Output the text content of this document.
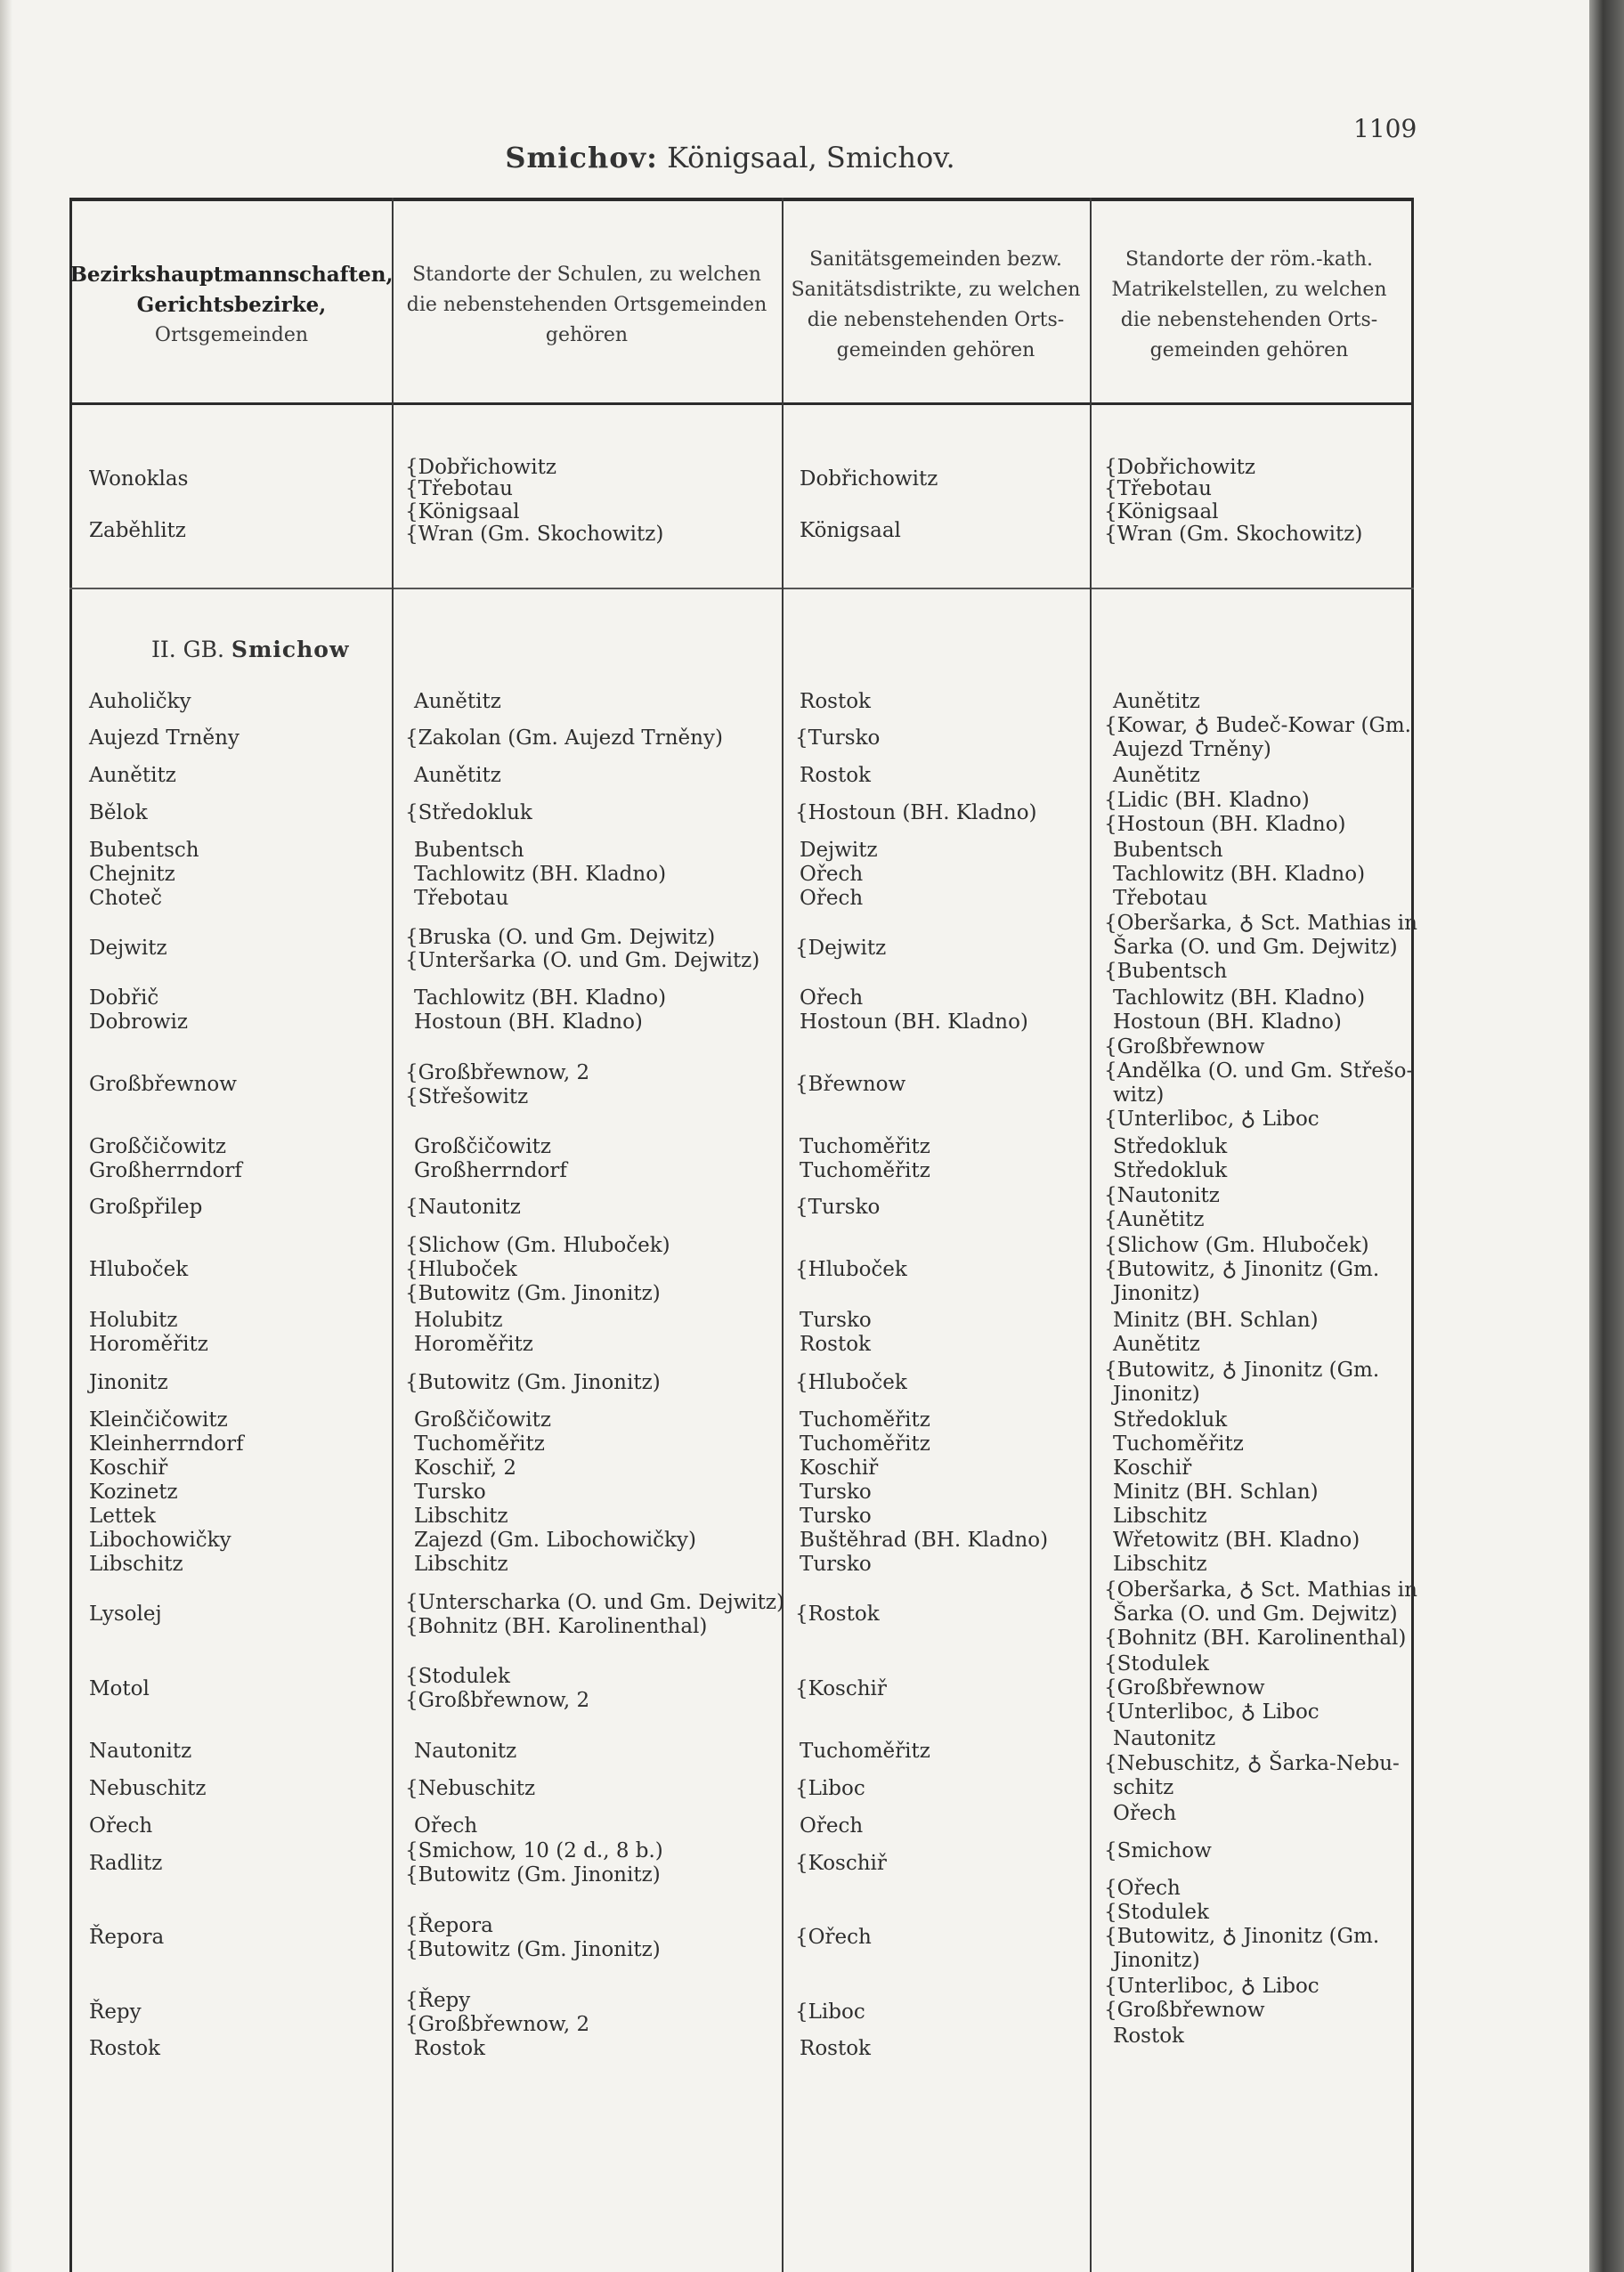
1109
Smichov: Königsaal, Smichov.
Bezirkshauptmannschaften,
Gerichtsbezirke,
Ortsgemeinden
Standorte der Schulen, zu welchen
die nebenstehenden Ortsgemeinden
gehören
Sanitätsgemeinden bezw.
Sanitätsdistrikte, zu welchen
die nebenstehenden Orts-
gemeinden gehören
Standorte der röm.-kath.
Matrikelstellen, zu welchen
die nebenstehenden Orts-
gemeinden gehören
II. GB. Smichow
Wonoklas
Zaběhlitz
{Dobřichowitz
{Třebotau
{Königsaal
{Wran (Gm. Skochowitz)
Dobřichowitz
Königsaal
{Dobřichowitz
{Třebotau
{Königsaal
{Wran (Gm. Skochowitz)
Auholičky
Aujezd Trněny
Aunětitz
Bělok
Bubentsch
Chejnitz
Choteč
Dejwitz
Dobřič
Dobrowiz
Großbřewnow
Großčičowitz
Großherrndorf
Großpřilep
Hluboček
Holubitz
Horoměřitz
Jinonitz
Kleinčičowitz
Kleinherrndorf
Koschiř
Kozinetz
Lettek
Libochowičky
Libschitz
Lysolej
Motol
Nautonitz
Nebuschitz
Ořech
Radlitz
Řepora
Řepy
Rostok
Aunětitz
{Zakolan (Gm. Aujezd Trněny)
Aunětitz
{Středokluk
Bubentsch
Tachlowitz (BH. Kladno)
Třebotau
{Bruska (O. und Gm. Dejwitz)
{Unteršarka (O. und Gm. Dejwitz)
Tachlowitz (BH. Kladno)
Hostoun (BH. Kladno)
{Großbřewnow, 2
{Střešowitz
Großčičowitz
Großherrndorf
{Nautonitz
{Slichow (Gm. Hluboček)
{Hluboček
{Butowitz (Gm. Jinonitz)
Holubitz
Horoměřitz
{Butowitz (Gm. Jinonitz)
Großčičowitz
Tuchoměřitz
Koschiř, 2
Tursko
Libschitz
Zajezd (Gm. Libochowičky)
Libschitz
{Unterscharka (O. und Gm. Dejwitz)
{Bohnitz (BH. Karolinenthal)
{Stodulek
{Großbřewnow, 2
Nautonitz
{Nebuschitz
Ořech
{Smichow, 10 (2 d., 8 b.)
{Butowitz (Gm. Jinonitz)
{Řepora
{Butowitz (Gm. Jinonitz)
{Řepy
{Großbřewnow, 2
Rostok
Rostok
{Tursko
Rostok
{Hostoun (BH. Kladno)
Dejwitz
Ořech
Ořech
{Dejwitz
Ořech
Hostoun (BH. Kladno)
{Břewnow
Tuchoměřitz
Tuchoměřitz
{Tursko
{Hluboček
Tursko
Rostok
{Hluboček
Tuchoměřitz
Tuchoměřitz
Koschiř
Tursko
Tursko
Buštěhrad (BH. Kladno)
Tursko
{Rostok
{Koschiř
Tuchoměřitz
{Liboc
Ořech
{Koschiř
{Ořech
{Liboc
Rostok
Aunětitz
{Kowar, ♁ Budeč-Kowar (Gm.
Aujezd Trněny)
Aunětitz
{Lidic (BH. Kladno)
{Hostoun (BH. Kladno)
Bubentsch
Tachlowitz (BH. Kladno)
Třebotau
{Oberšarka, ♁ Sct. Mathias in
Šarka (O. und Gm. Dejwitz)
{Bubentsch
Tachlowitz (BH. Kladno)
Hostoun (BH. Kladno)
{Großbřewnow
{Andělka (O. und Gm. Střešo-
witz)
{Unterliboc, ♁ Liboc
Středokluk
Středokluk
{Nautonitz
{Aunětitz
{Slichow (Gm. Hluboček)
{Butowitz, ♁ Jinonitz (Gm.
Jinonitz)
Minitz (BH. Schlan)
Aunětitz
{Butowitz, ♁ Jinonitz (Gm.
Jinonitz)
Středokluk
Tuchoměřitz
Koschiř
Minitz (BH. Schlan)
Libschitz
Wřetowitz (BH. Kladno)
Libschitz
{Oberšarka, ♁ Sct. Mathias in
Šarka (O. und Gm. Dejwitz)
{Bohnitz (BH. Karolinenthal)
{Stodulek
{Großbřewnow
{Unterliboc, ♁ Liboc
Nautonitz
{Nebuschitz, ♁ Šarka-Nebu-
schitz
Ořech
{Smichow
{Ořech
{Stodulek
{Butowitz, ♁ Jinonitz (Gm.
Jinonitz)
{Unterliboc, ♁ Liboc
{Großbřewnow
Rostok
